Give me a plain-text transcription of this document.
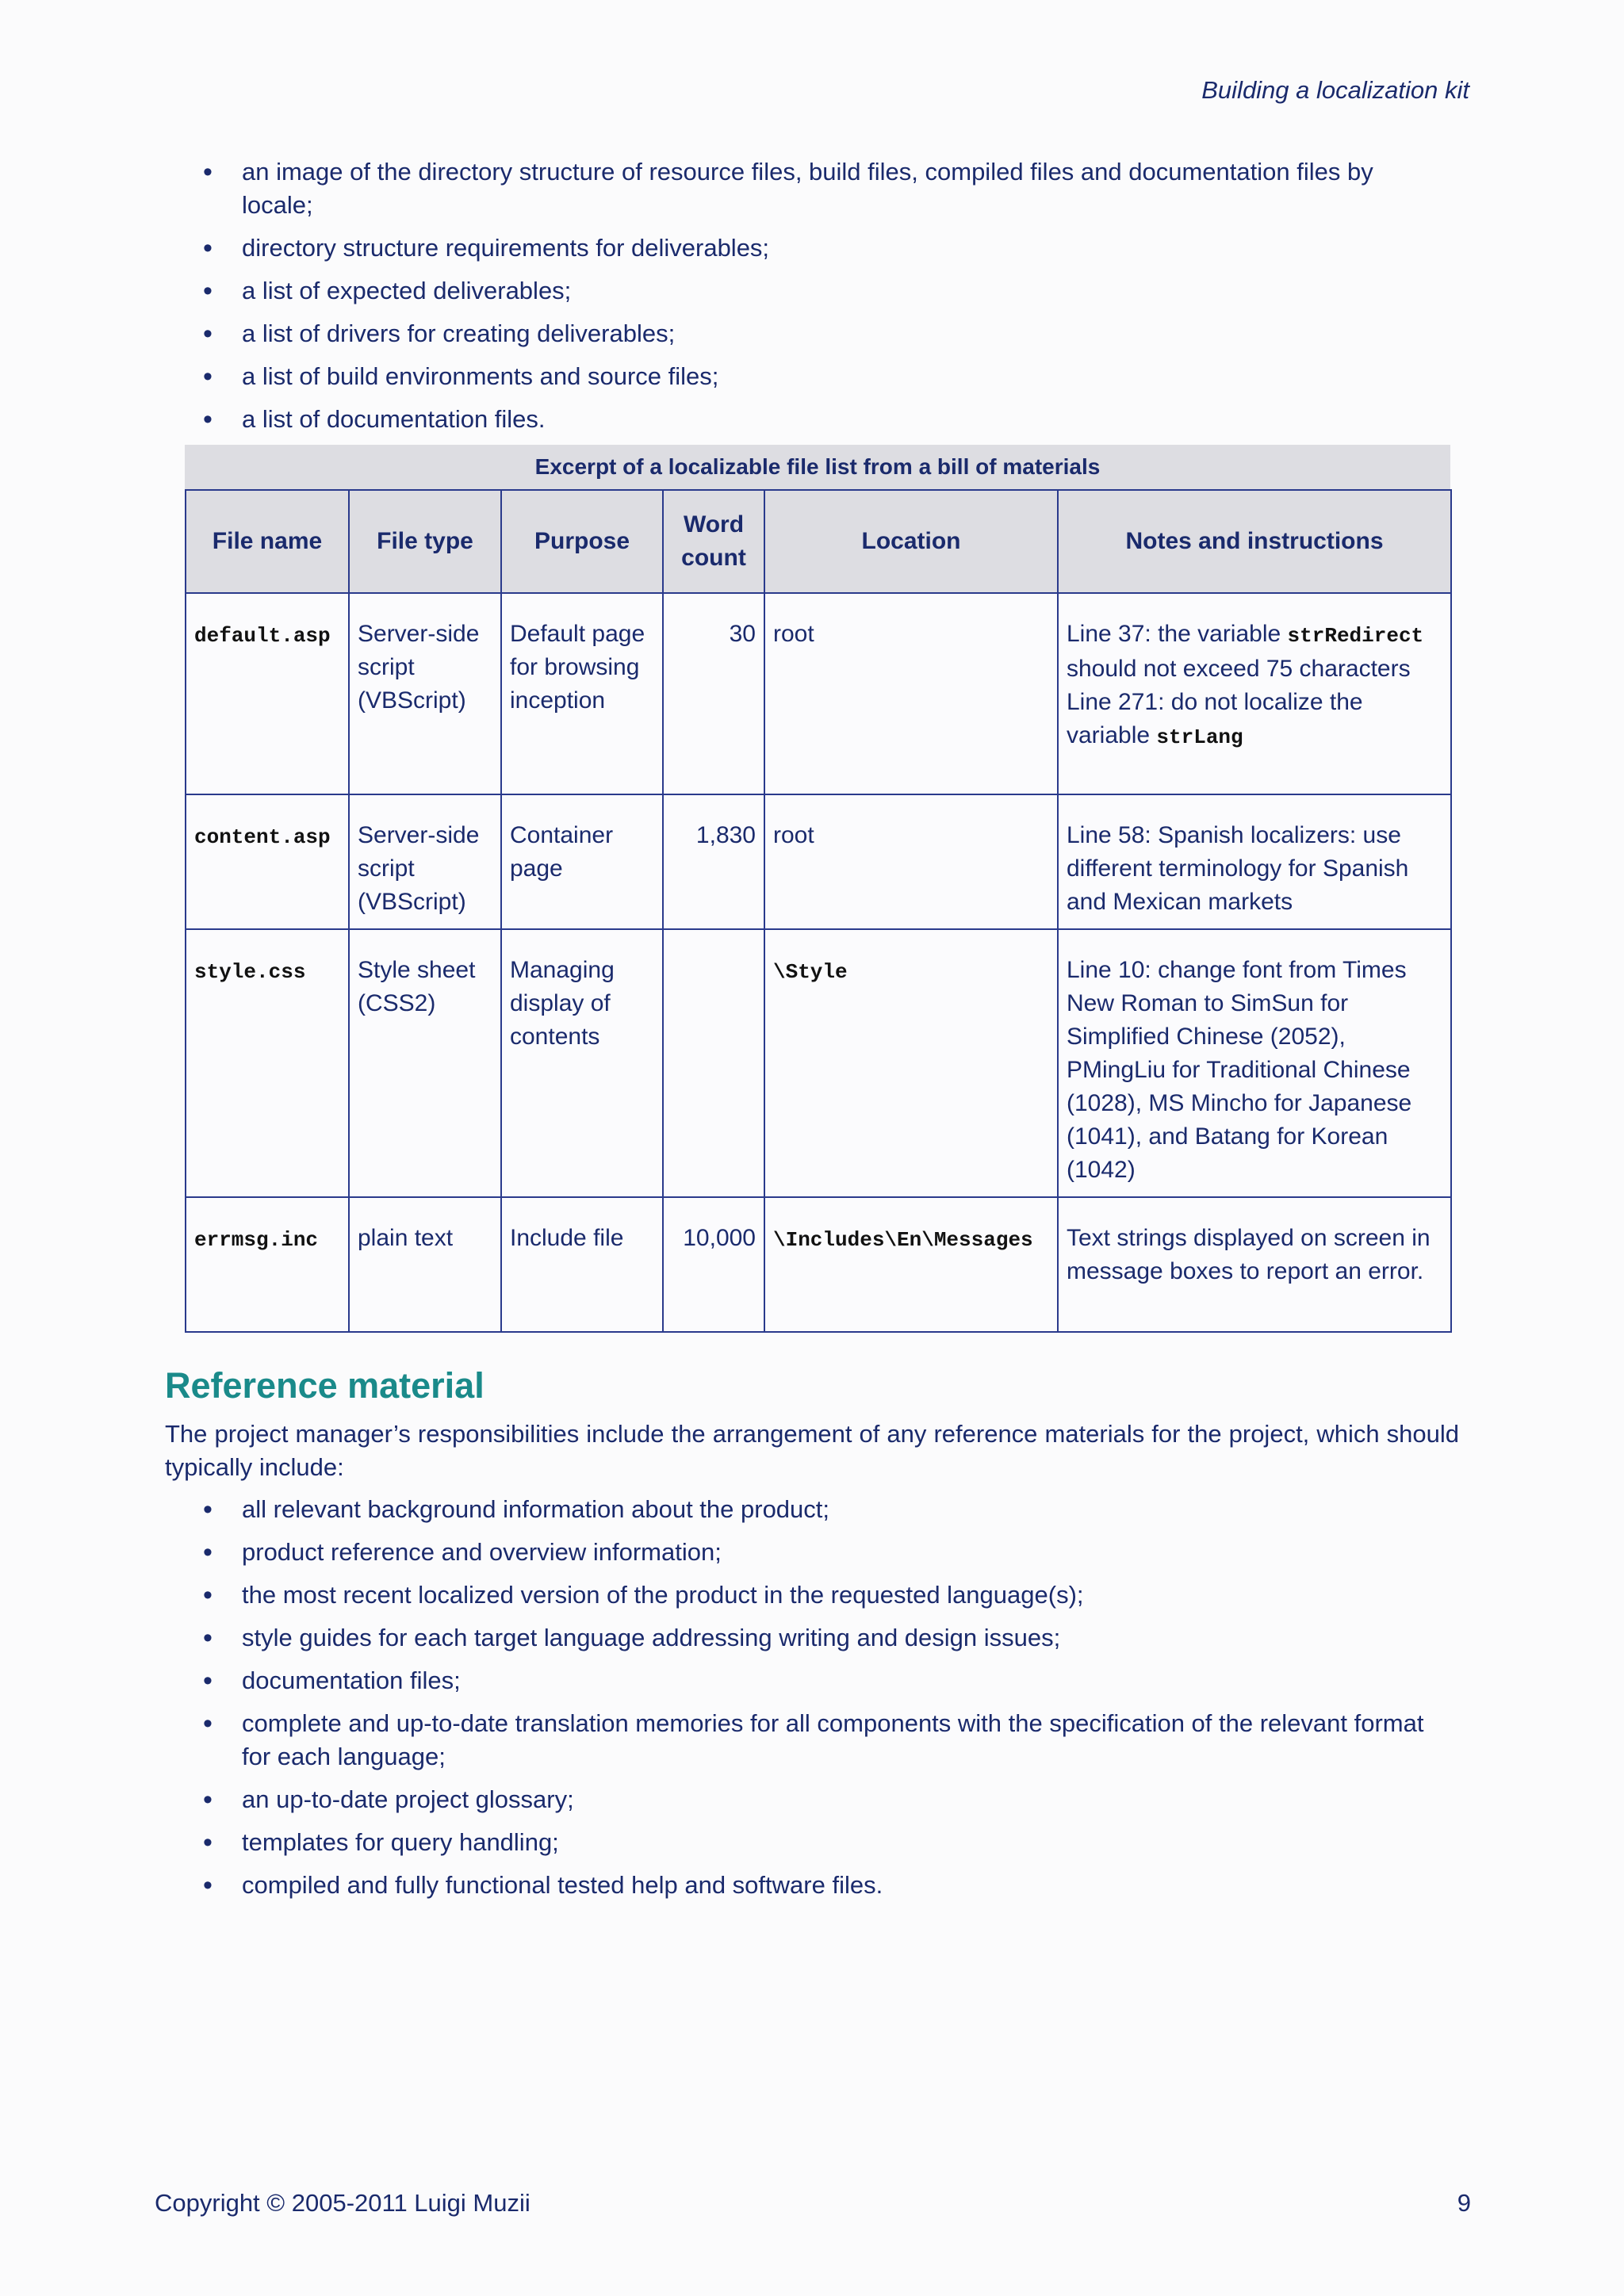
Building a localization kit
• an image of the directory structure of resource files, build files, compiled files and documentation files by locale;
• directory structure requirements for deliverables;
• a list of expected deliverables;
• a list of drivers for creating deliverables;
• a list of build environments and source files;
• a list of documentation files.
Excerpt of a localizable file list from a bill of materials
File name	File type	Purpose	Word count	Location	Notes and instructions
default.asp	Server-side script (VBScript)	Default page for browsing inception	30	root	Line 37: the variable strRedirect should not exceed 75 characters
Line 271: do not localize the variable strLang
content.asp	Server-side script (VBScript)	Container page	1,830	root	Line 58: Spanish localizers: use different terminology for Spanish and Mexican markets
style.css	Style sheet (CSS2)	Managing display of contents		\Style	Line 10: change font from Times New Roman to SimSun for Simplified Chinese (2052), PMingLiu for Traditional Chinese (1028), MS Mincho for Japanese (1041), and Batang for Korean (1042)
errmsg.inc	plain text	Include file	10,000	\Includes\En\Messages	Text strings displayed on screen in message boxes to report an error.
Reference material

The project manager’s responsibilities include the arrangement of any reference materials for the project, which should typically include:

• all relevant background information about the product;
• product reference and overview information;
• the most recent localized version of the product in the requested language(s);
• style guides for each target language addressing writing and design issues;
• documentation files;
• complete and up-to-date translation memories for all components with the specification of the relevant format for each language;
• an up-to-date project glossary;
• templates for query handling;
• compiled and fully functional tested help and software files.
Copyright © 2005-2011 Luigi Muzii	9
